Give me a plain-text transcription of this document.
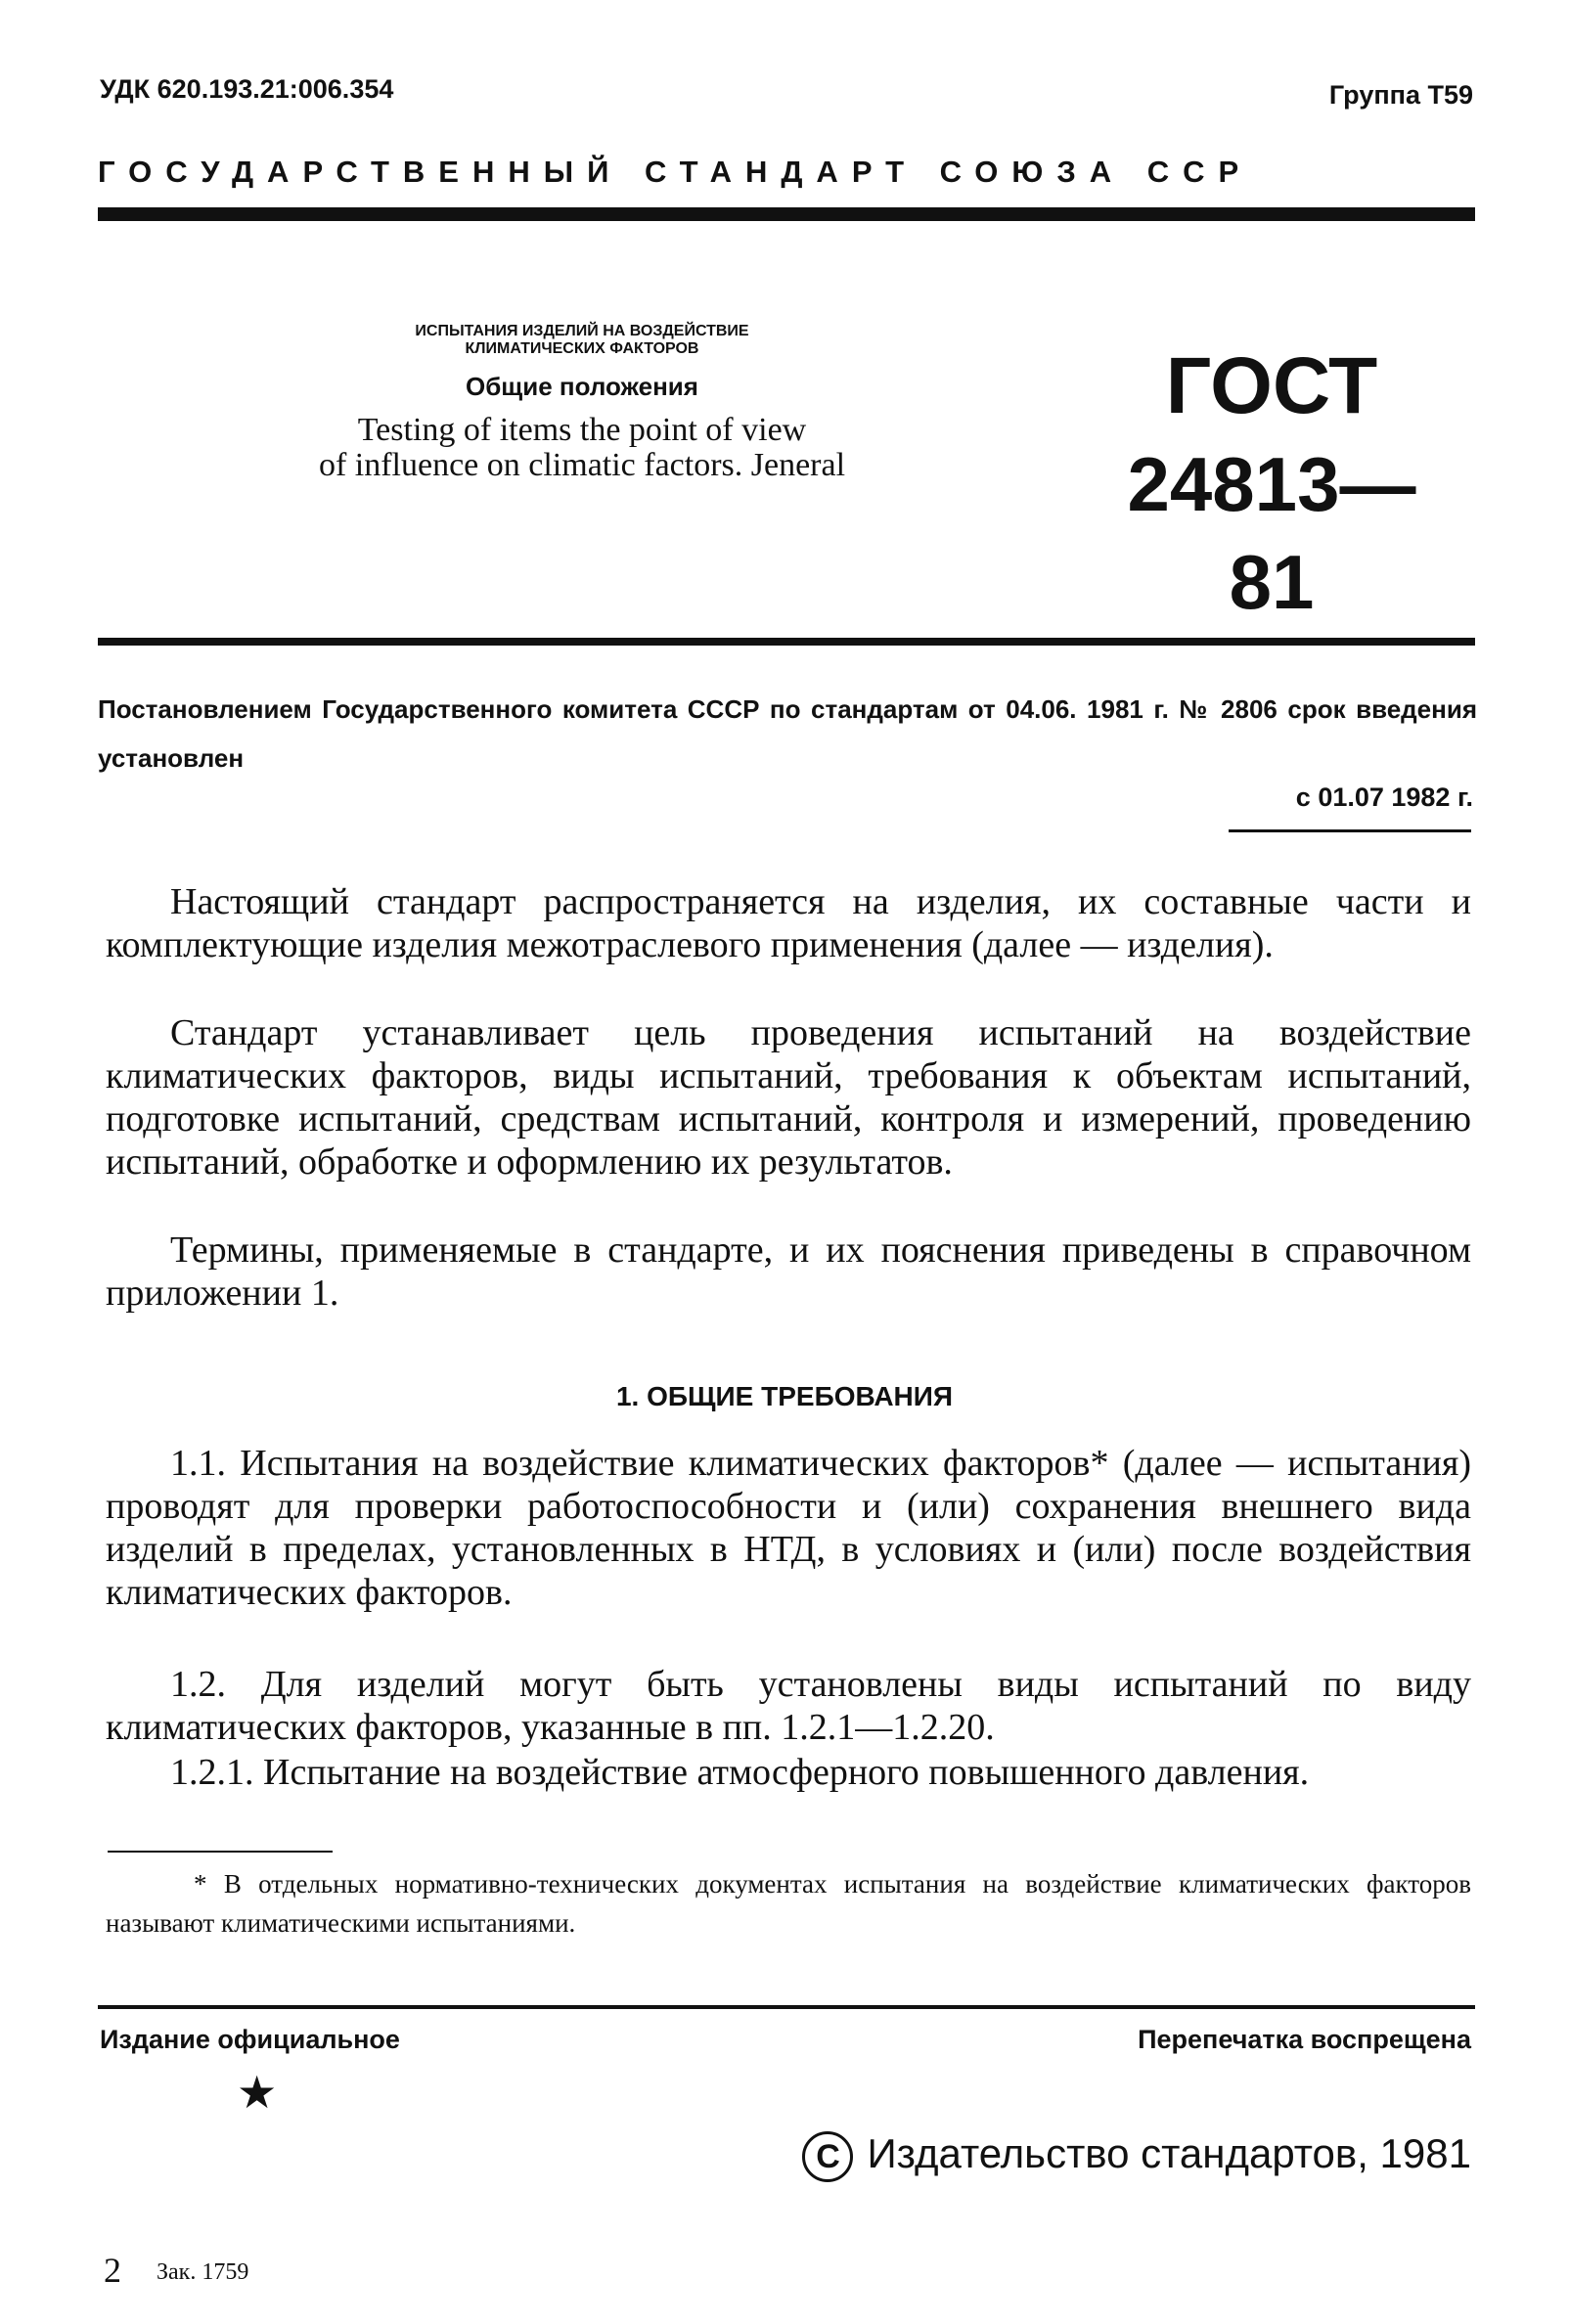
УДК 620.193.21:006.354	Группа Т59
ГОСУДАРСТВЕННЫЙ СТАНДАРТ СОЮЗА ССР
ИСПЫТАНИЯ ИЗДЕЛИЙ НА ВОЗДЕЙСТВИЕ
КЛИМАТИЧЕСКИХ ФАКТОРОВ
Общие положения
Testing of items the point of view
of influence on climatic factors. Jeneral
ГОСТ
24813—81
Постановлением Государственного комитета СССР по стандартам от 04.06. 1981 г. № 2806 срок введения установлен
с 01.07 1982 г.
Настоящий стандарт распространяется на изделия, их составные части и комплектующие изделия межотраслевого применения (далее — изделия).
Стандарт устанавливает цель проведения испытаний на воздействие климатических факторов, виды испытаний, требования к объектам испытаний, подготовке испытаний, средствам испытаний, контроля и измерений, проведению испытаний, обработке и оформлению их результатов.
Термины, применяемые в стандарте, и их пояснения приведены в справочном приложении 1.
1. ОБЩИЕ ТРЕБОВАНИЯ
1.1. Испытания на воздействие климатических факторов* (далее — испытания) проводят для проверки работоспособности и (или) сохранения внешнего вида изделий в пределах, установленных в НТД, в условиях и (или) после воздействия климатических факторов.
1.2. Для изделий могут быть установлены виды испытаний по виду климатических факторов, указанные в пп. 1.2.1—1.2.20.
1.2.1. Испытание на воздействие атмосферного повышенного давления.
* В отдельных нормативно-технических документах испытания на воздействие климатических факторов называют климатическими испытаниями.
Издание официальное	Перепечатка воспрещена
★
C Издательство стандартов, 1981
2 Зак. 1759
